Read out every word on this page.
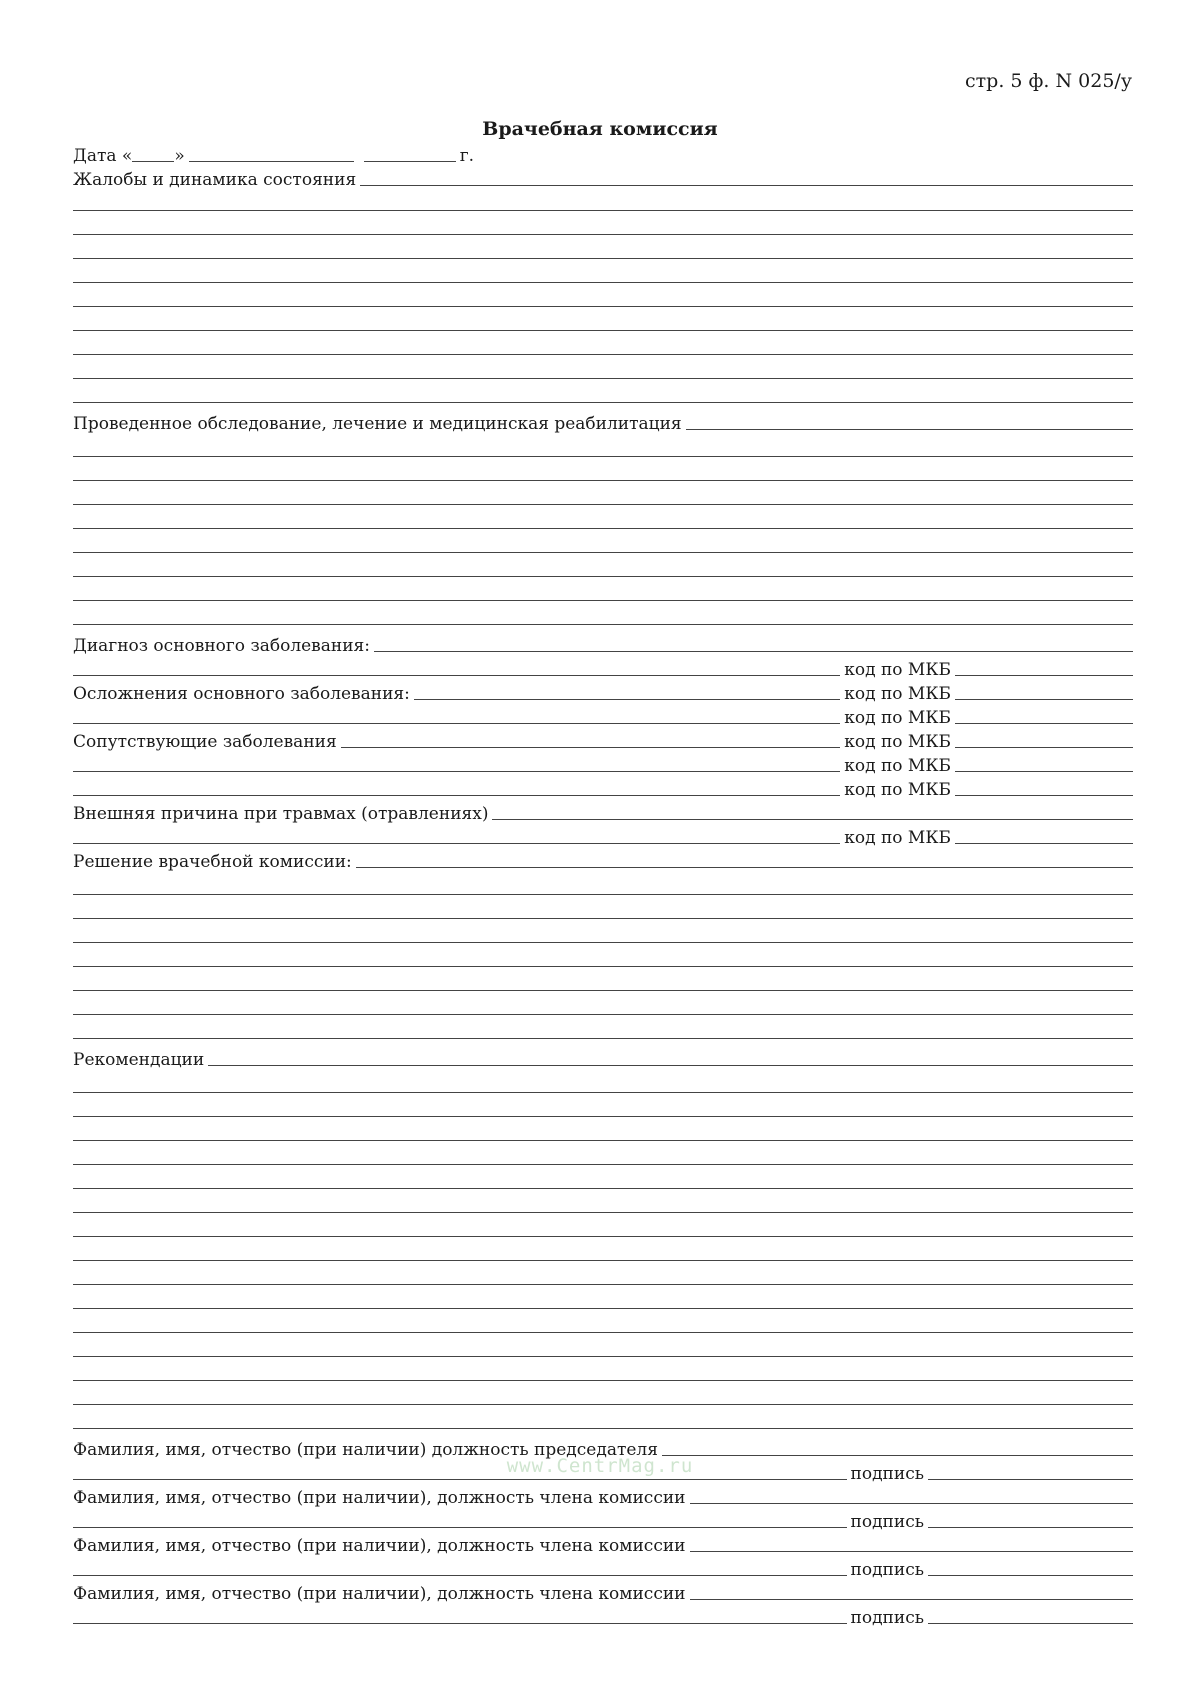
стр. 5 ф. N 025/у
Врачебная комиссия
Дата « »	г.
Жалобы и динамика состояния
Проведенное обследование, лечение и медицинская реабилитация
Диагноз основного заболевания:
код по МКБ
Осложнения основного заболевания:	код по МКБ
код по МКБ
Сопутствующие заболевания	код по МКБ
код по МКБ
код по МКБ
Внешняя причина при травмах (отравлениях)
код по МКБ
Решение врачебной комиссии:
Рекомендации
Фамилия, имя, отчество (при наличии) должность председателя
подпись
Фамилия, имя, отчество (при наличии), должность члена комиссии
подпись
Фамилия, имя, отчество (при наличии), должность члена комиссии
подпись
Фамилия, имя, отчество (при наличии), должность члена комиссии
подпись
www.CentrMag.ru
